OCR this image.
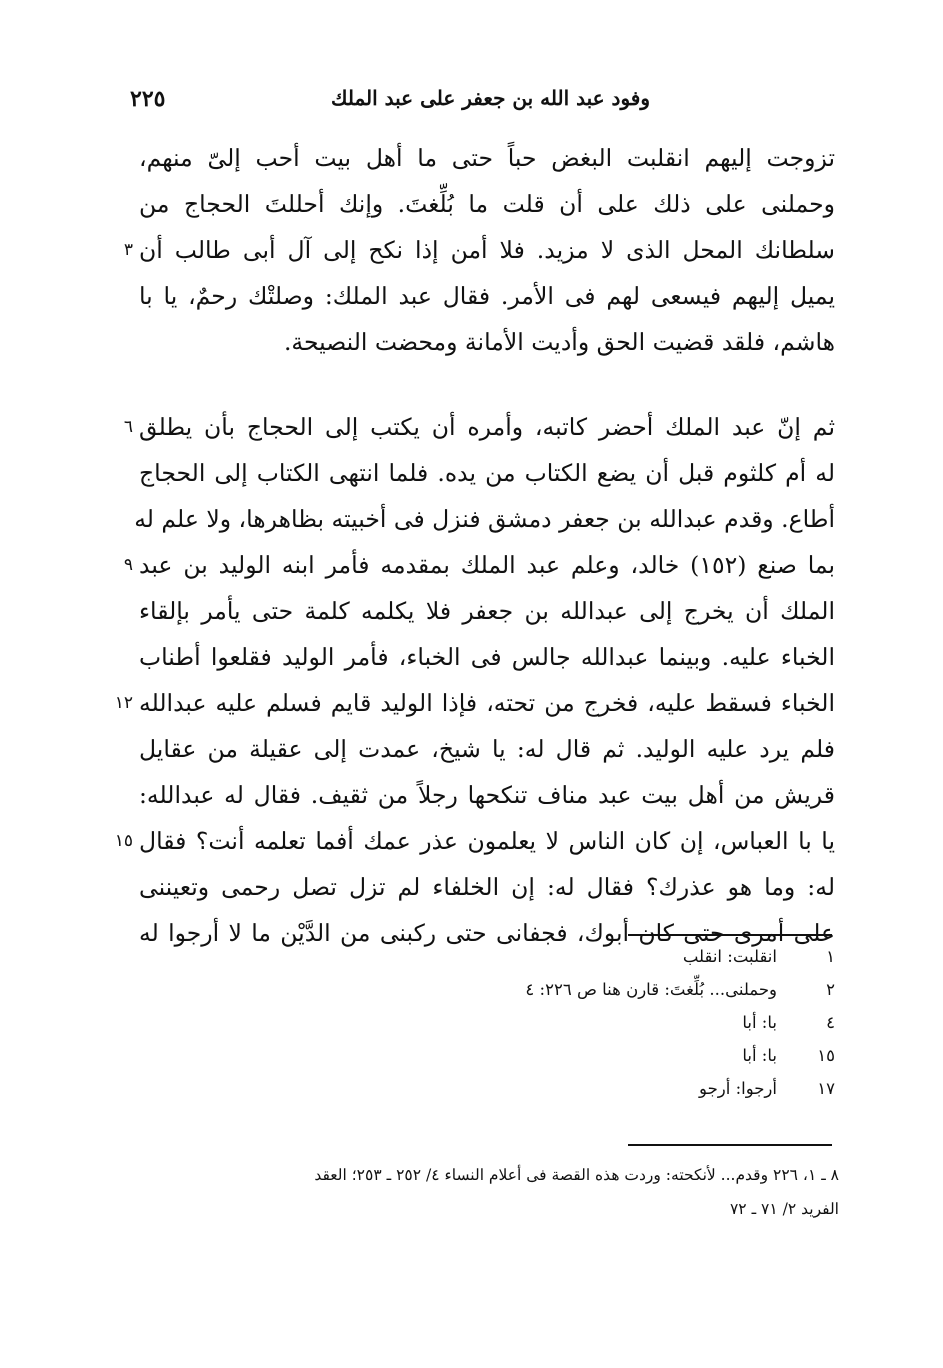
وفود عبد الله بن جعفر على عبد الملك
٢٢٥
تزوجت إليهم انقلبت البغض حباً حتى ما أهل بيت أحب إلىّ منهم،
وحملنى على ذلك على أن قلت ما بُلِّغتَ. وإنك أحللتَ الحجاج من
سلطانك المحل الذى لا مزيد. فلا أمن إذا نكح إلى آل أبى طالب أن
٣
يميل إليهم فيسعى لهم فى الأمر. فقال عبد الملك: وصلتْك رحمٌ، يا با
هاشم، فلقد قضيت الحق وأديت الأمانة ومحضت النصيحة.
ثم إنّ عبد الملك أحضر كاتبه، وأمره أن يكتب إلى الحجاج بأن يطلق
٦
له أم كلثوم قبل أن يضع الكتاب من يده. فلما انتهى الكتاب إلى الحجاج
أطاع. وقدم عبدالله بن جعفر دمشق فنزل فى أخبيته بظاهرها، ولا علم له
بما صنع (١٥٢) خالد، وعلم عبد الملك بمقدمه فأمر ابنه الوليد بن عبد
٩
الملك أن يخرج إلى عبدالله بن جعفر فلا يكلمه كلمة حتى يأمر بإلقاء
الخباء عليه. وبينما عبدالله جالس فى الخباء، فأمر الوليد فقلعوا أطناب
الخباء فسقط عليه، فخرج من تحته، فإذا الوليد قايم فسلم عليه عبدالله
١٢
فلم يرد عليه الوليد. ثم قال له: يا شيخ، عمدت إلى عقيلة من عقايل
قريش من أهل بيت عبد مناف تنكحها رجلاً من ثقيف. فقال له عبدالله:
يا با العباس، إن كان الناس لا يعلمون عذر عمك أفما تعلمه أنت؟ فقال
١٥
له: وما هو عذرك؟ فقال له: إن الخلفاء لم تزل تصل رحمى وتعيننى
على أمرى حتى كان أبوك، فجفانى حتى ركبنى من الدَّيْن ما لا أرجوا له
١انقلبت: انقلب
٢وحملنى... بُلِّغتَ: قارن هنا ص ٢٢٦: ٤
٤با: أبا
١٥با: أبا
١٧أرجوا: أرجو
٨ ـ ١، ٢٢٦ وقدم... لأنكحته: وردت هذه القصة فى أعلام النساء ٤/ ٢٥٢ ـ ٢٥٣؛ العقد
الفريد ٢/ ٧١ ـ ٧٢
